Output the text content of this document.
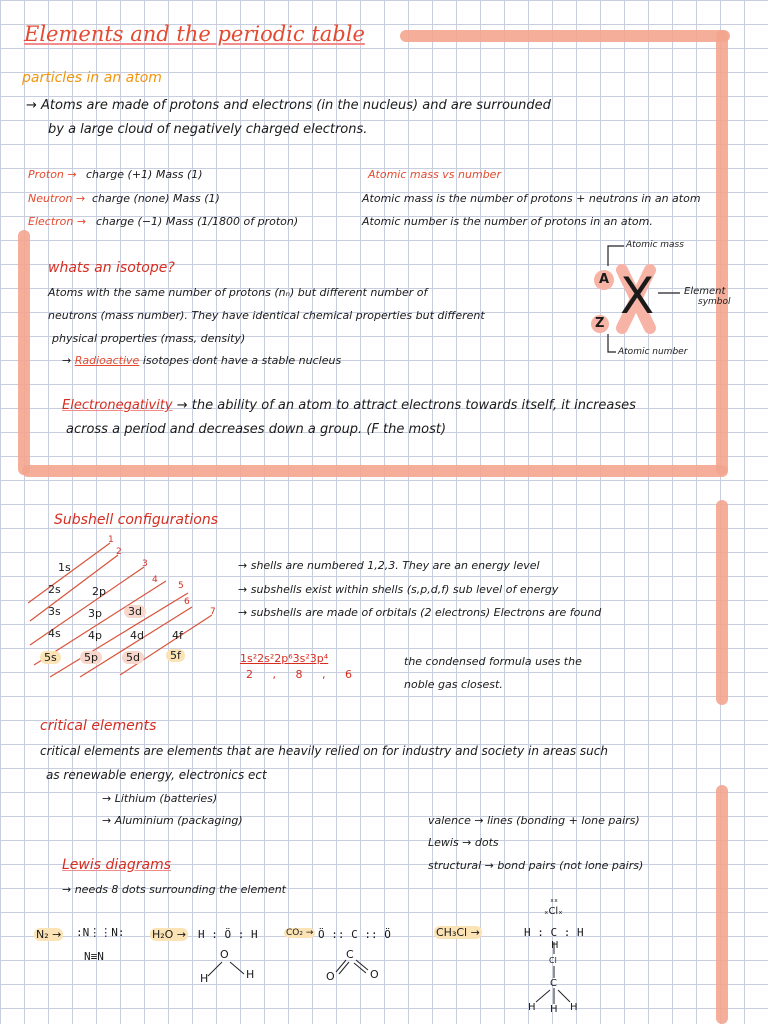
Elements and the periodic table
particles in an atom
→ Atoms are made of protons and electrons (in the nucleus) and are surrounded
by a large cloud of negatively charged electrons.
Proton → charge (+1) Mass (1)
Neutron → charge (none) Mass (1)
Electron → charge (−1) Mass (1/1800 of proton)
Atomic mass vs number
Atomic mass is the number of protons + neutrons in an atom
Atomic number is the number of protons in an atom.
whats an isotope?
Atoms with the same number of protons (nₙ) but different number of
neutrons (mass number). They have identical chemical properties but different
physical properties (mass, density)
→ Radioactive isotopes dont have a stable nucleus
Atomic mass
A X
Z
Element
symbol
Atomic number
Electronegativity → the ability of an atom to attract electrons towards itself, it increases
across a period and decreases down a group. (F the most)
Subshell configurations
1
2
3
4
5
6
7
1s
2s	2p
3s 3p	3d
4s 4p	4d	4f
5s	5p	5d	5f
→ shells are numbered 1,2,3. They are an energy level
→ subshells exist within shells (s,p,d,f) sub level of energy
→ subshells are made of orbitals (2 electrons) Electrons are found
1s²2s²2p⁶3s²3p⁴
2 , 8 , 6
the condensed formula uses the
noble gas closest.
critical elements
critical elements are elements that are heavily relied on for industry and society in areas such
as renewable energy, electronics ect
→ Lithium (batteries)
→ Aluminium (packaging)	valence → lines (bonding + lone pairs)
Lewis → dots
structural → bond pairs (not lone pairs)
Lewis diagrams
→ needs 8 dots surrounding the element
N₂ → :N⋮⋮N:
N≡N
H₂O → H : Ö : H
O
H	H
CO₂ → Ö :: C :: Ö
C
O	O
CH₃Cl →
ˣˣ
ₓClₓ
H : C : H
H
Cl
C
H H H
